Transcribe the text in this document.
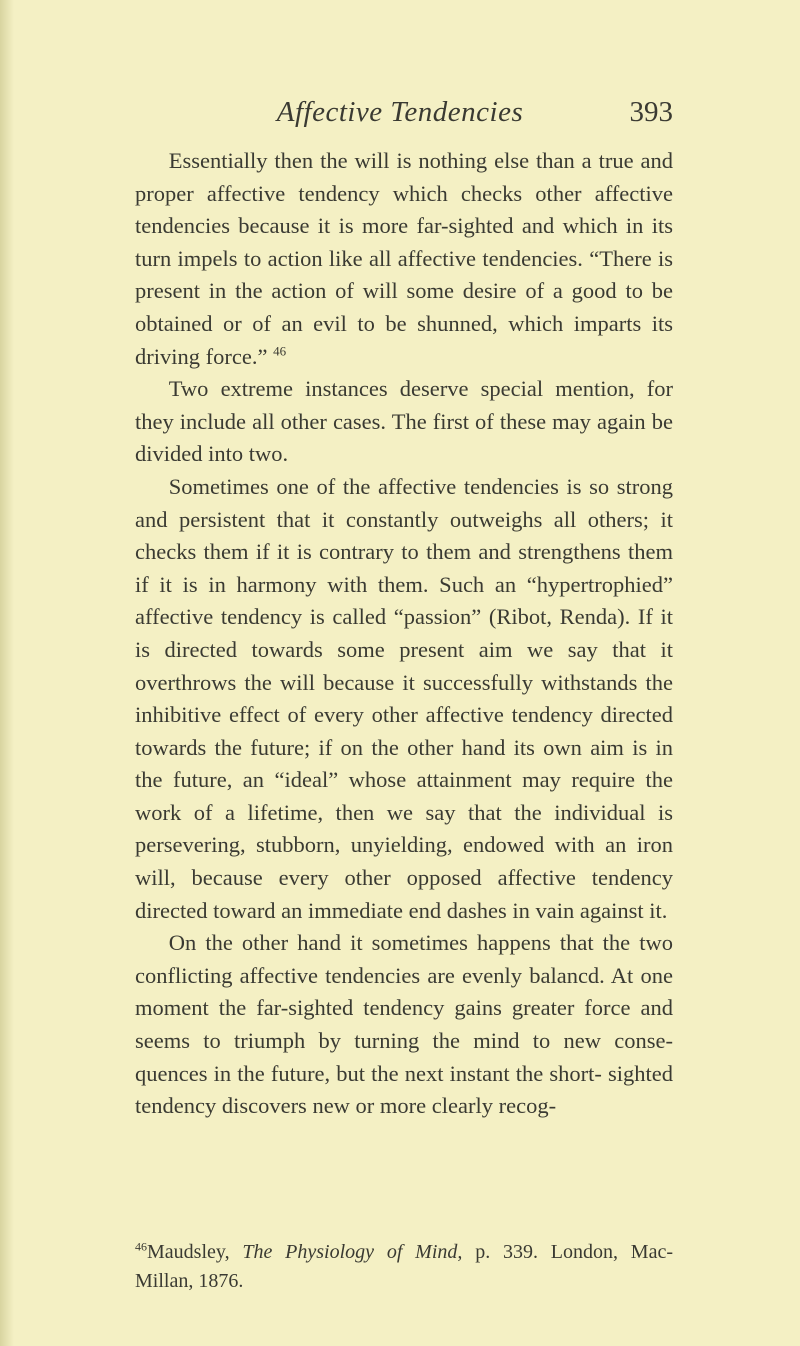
Affective Tendencies	393

Essentially then the will is nothing else than a true and proper affective tendency which checks other affective tendencies because it is more far-sighted and which in its turn impels to action like all affective tendencies. “There is present in the action of will some desire of a good to be obtained or of an evil to be shunned, which imparts its driving force.” $^{46}$

Two extreme instances deserve special mention, for they include all other cases. The first of these may again be divided into two.

Sometimes one of the affective tendencies is so strong and persistent that it constantly outweighs all others; it checks them if it is contrary to them and strengthens them if it is in harmony with them. Such an “hypertrophied” affective tendency is called “passion” (Ribot, Renda). If it is directed towards some present aim we say that it overthrows the will because it successfully withstands the inhibitive effect of every other affective tendency directed towards the future; if on the other hand its own aim is in the future, an “ideal” whose attainment may require the work of a lifetime, then we say that the individual is persevering, stubborn, unyielding, endowed with an iron will, because every other opposed affective tendency directed toward an immediate end dashes in vain against it.

On the other hand it sometimes happens that the two conflicting affective tendencies are evenly balancd. At one moment the far-sighted tendency gains greater force and seems to triumph by turning the mind to new conse- quences in the future, but the next instant the short- sighted tendency discovers new or more clearly recog-

$^{46}$Maudsley, The Physiology of Mind, p. 339. London, Mac- Millan, 1876.
